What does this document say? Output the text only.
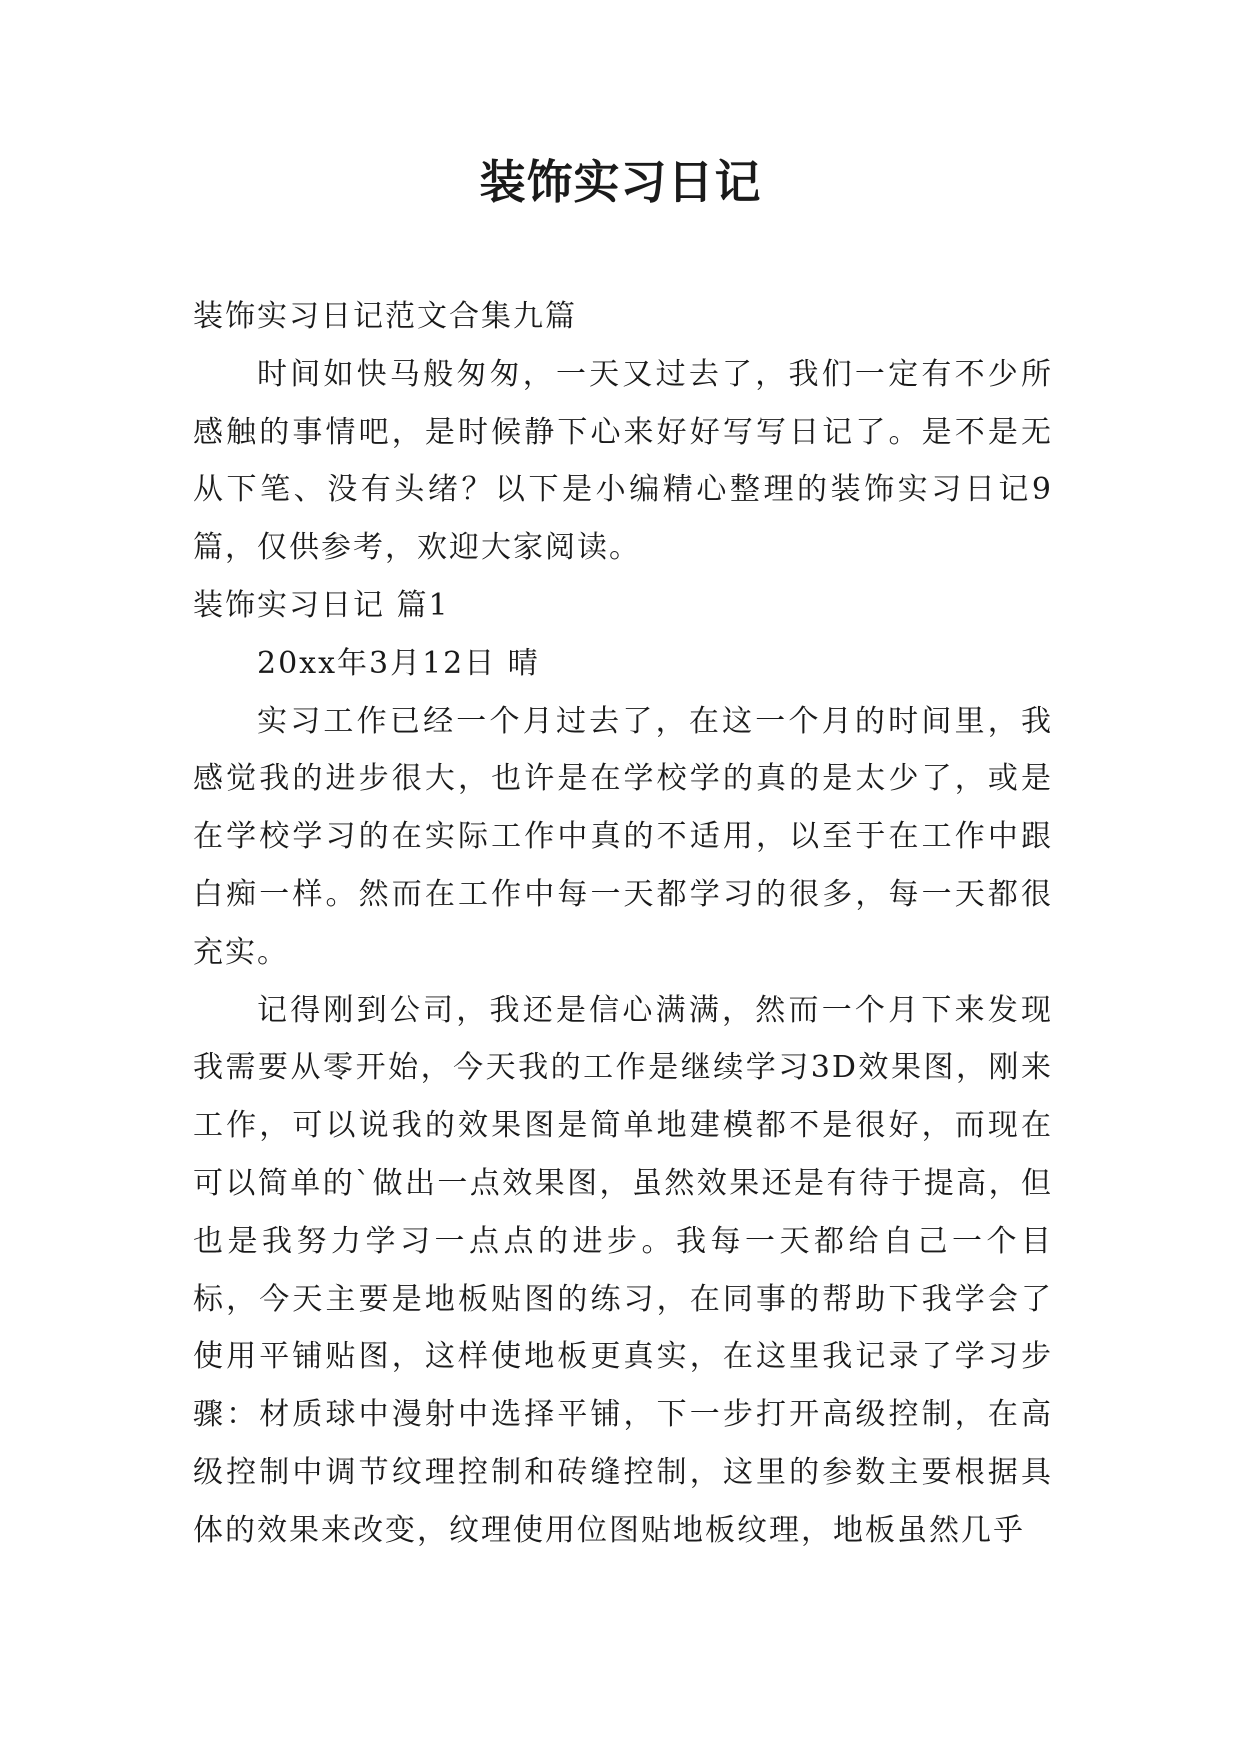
装饰实习日记

装饰实习日记范文合集九篇

时间如快马般匆匆，一天又过去了，我们一定有不少所感触的事情吧，是时候静下心来好好写写日记了。是不是无从下笔、没有头绪？以下是小编精心整理的装饰实习日记9篇，仅供参考，欢迎大家阅读。

装饰实习日记 篇1

20xx年3月12日 晴

实习工作已经一个月过去了，在这一个月的时间里，我感觉我的进步很大，也许是在学校学的真的是太少了，或是在学校学习的在实际工作中真的不适用，以至于在工作中跟白痴一样。然而在工作中每一天都学习的很多，每一天都很充实。

记得刚到公司，我还是信心满满，然而一个月下来发现我需要从零开始，今天我的工作是继续学习3D效果图，刚来工作，可以说我的效果图是简单地建模都不是很好，而现在可以简单的`做出一点效果图，虽然效果还是有待于提高，但也是我努力学习一点点的进步。我每一天都给自己一个目标，今天主要是地板贴图的练习，在同事的帮助下我学会了使用平铺贴图，这样使地板更真实，在这里我记录了学习步骤：材质球中漫射中选择平铺，下一步打开高级控制，在高级控制中调节纹理控制和砖缝控制，这里的参数主要根据具体的效果来改变，纹理使用位图贴地板纹理，地板虽然几乎
